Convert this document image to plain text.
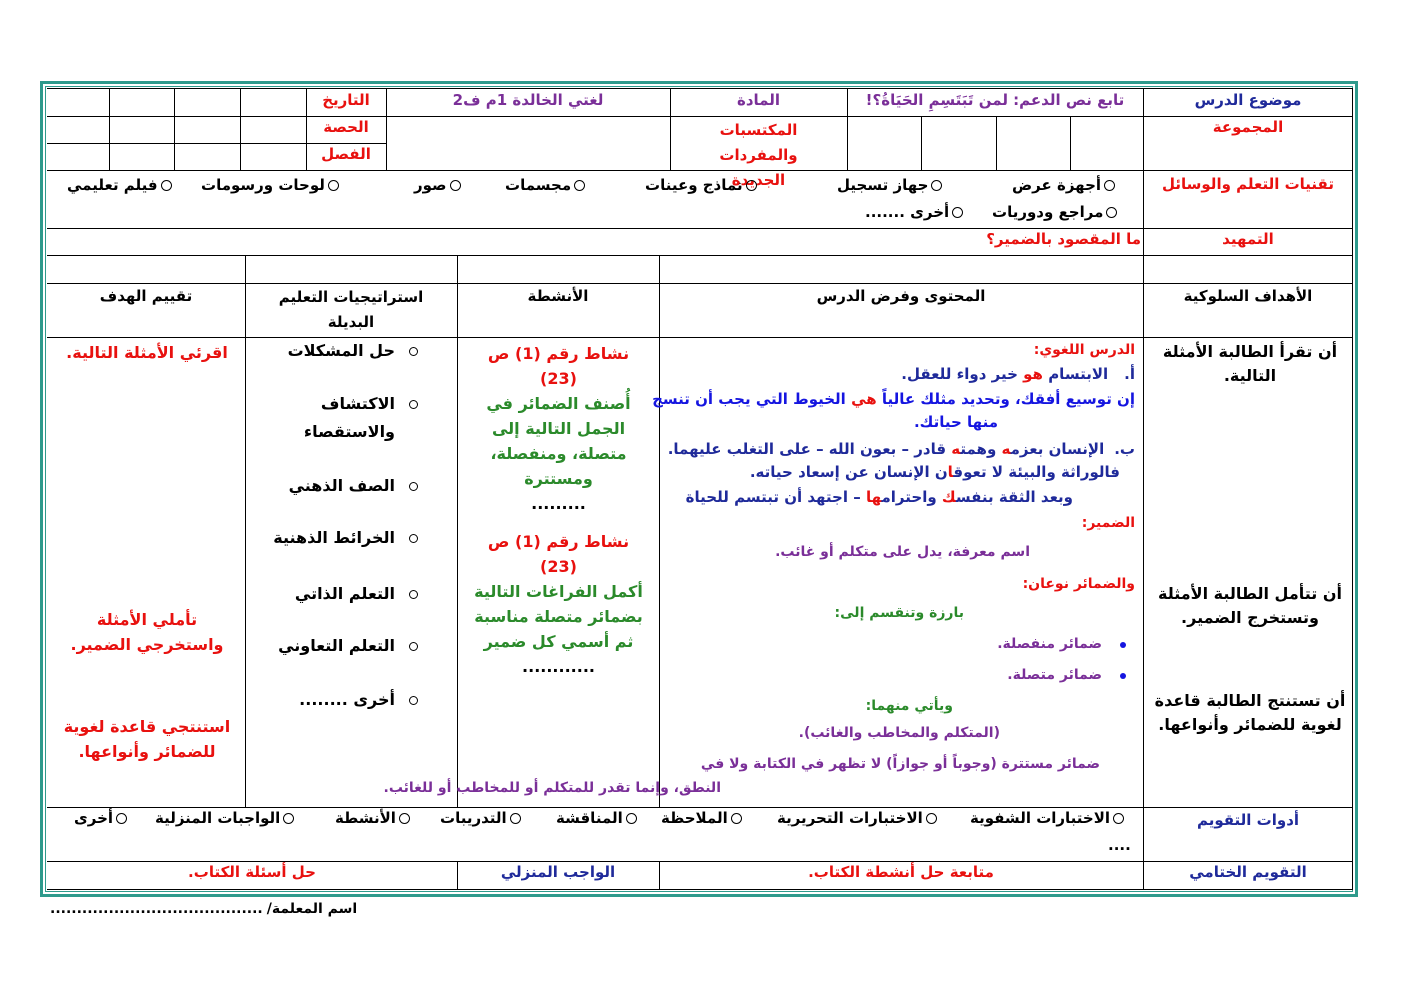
موضوع الدرس
تابع نص الدعم: لمن تَبَتَسِمِ الحَيَاةُ؟!
المادة
لغتي الخالدة 1م ف2
التاريخ
المجموعة
المكتسبات والمفردات الجديدة
الحصة
الفصل
تقنيات التعلم والوسائل
أجهزة عرض
جهاز تسجيل
نماذج وعينات
مجسمات
صور
لوحات ورسومات
فيلم تعليمي
مراجع ودوريات
أخرى .......
التمهيد
ما المقصود بالضمير؟
الأهداف السلوكية
المحتوى وفرض الدرس
الأنشطة
استراتيجيات التعليم البديلة
تقييم الهدف
أن تقرأ الطالبة الأمثلة التالية.
أن تتأمل الطالبة الأمثلة وتستخرج الضمير.
أن تستنتج الطالبة قاعدة لغوية للضمائر وأنواعها.
الدرس اللغوي:
أ.الابتسام هو خير دواء للعقل.
إن توسيع أفقك، وتحديد مثلك عالياً هي الخيوط التي يجب أن تنسج
منها حياتك.
ب.الإنسان بعزمه وهمته قادر – بعون الله – على التغلب عليهما.
فالوراثة والبيئة لا تعوقان الإنسان عن إسعاد حياته.
وبعد الثقة بنفسك واحترامها – اجتهد أن تبتسم للحياة
الضمير:
اسم معرفة، يدل على متكلم أو غائب.
والضمائر نوعان:
بارزة وتنقسم إلى:
ضمائر منفصلة.
ضمائر متصلة.
ويأتي منهما:
(المتكلم والمخاطب والغائب).
ضمائر مستترة (وجوباً أو جوازاً) لا تظهر في الكتابة ولا في
النطق، وإنما تقدر للمتكلم أو للمخاطب أو للغائب.
نشاط رقم (1) ص
(23)
أُصنف الضمائر في
الجمل التالية إلى
متصلة، ومنفصلة،
ومستترة
.........
نشاط رقم (1) ص
(23)
أكمل الفراغات التالية
بضمائر متصلة مناسبة
ثم أسمي كل ضمير
............
حل المشكلات
الاكتشاف
والاستقصاء
الصف الذهني
الخرائط الذهنية
التعلم الذاتي
التعلم التعاوني
أخرى ........
اقرئي الأمثلة التالية.
تأملي الأمثلة
واستخرجي الضمير.
استنتجي قاعدة لغوية
للضمائر وأنواعها.
أدوات التقويم
الاختبارات الشفوية
الاختبارات التحريرية
الملاحظة
المناقشة
التدريبات
الأنشطة
الواجبات المنزلية
أخرى
....
التقويم الختامي
متابعة حل أنشطة الكتاب.
الواجب المنزلي
حل أسئلة الكتاب.
اسم المعلمة/........................................
